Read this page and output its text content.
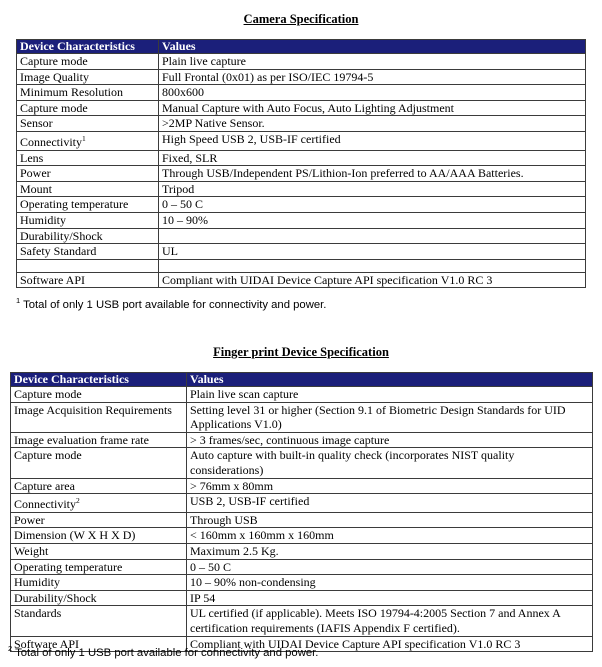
Camera Specification
Device Characteristics	Values
Capture mode	Plain live capture
Image Quality	Full Frontal (0x01) as per ISO/IEC 19794-5
Minimum Resolution	800x600
Capture mode	Manual Capture with Auto Focus, Auto Lighting Adjustment
Sensor	>2MP Native Sensor.
Connectivity$^1$	High Speed USB 2, USB-IF certified
Lens	Fixed, SLR
Power	Through USB/Independent PS/Lithion-Ion preferred to AA/AAA Batteries.
Mount	Tripod
Operating temperature	0 – 50 C
Humidity	10 – 90%
Durability/Shock	
Safety Standard	UL

Software API	Compliant with UIDAI Device Capture API specification V1.0 RC 3
$^1$ Total of only 1 USB port available for connectivity and power.
Finger print Device Specification
Device Characteristics	Values
Capture mode	Plain live scan capture
Image Acquisition Requirements	Setting level 31 or higher (Section 9.1 of Biometric Design Standards for UID Applications V1.0)
Image evaluation frame rate	> 3 frames/sec, continuous image capture
Capture mode	Auto capture with built-in quality check (incorporates NIST quality considerations)
Capture area	> 76mm x 80mm
Connectivity$^2$	USB 2, USB-IF certified
Power	Through USB
Dimension (W X H X D)	< 160mm x 160mm x 160mm
Weight	Maximum 2.5 Kg.
Operating temperature	0 – 50 C
Humidity	10 – 90% non-condensing
Durability/Shock	IP 54
Standards	UL certified (if applicable). Meets ISO 19794-4:2005 Section 7 and Annex A certification requirements (IAFIS Appendix F certified).
Software API	Compliant with UIDAI Device Capture API specification V1.0 RC 3
$^2$ Total of only 1 USB port available for connectivity and power.
